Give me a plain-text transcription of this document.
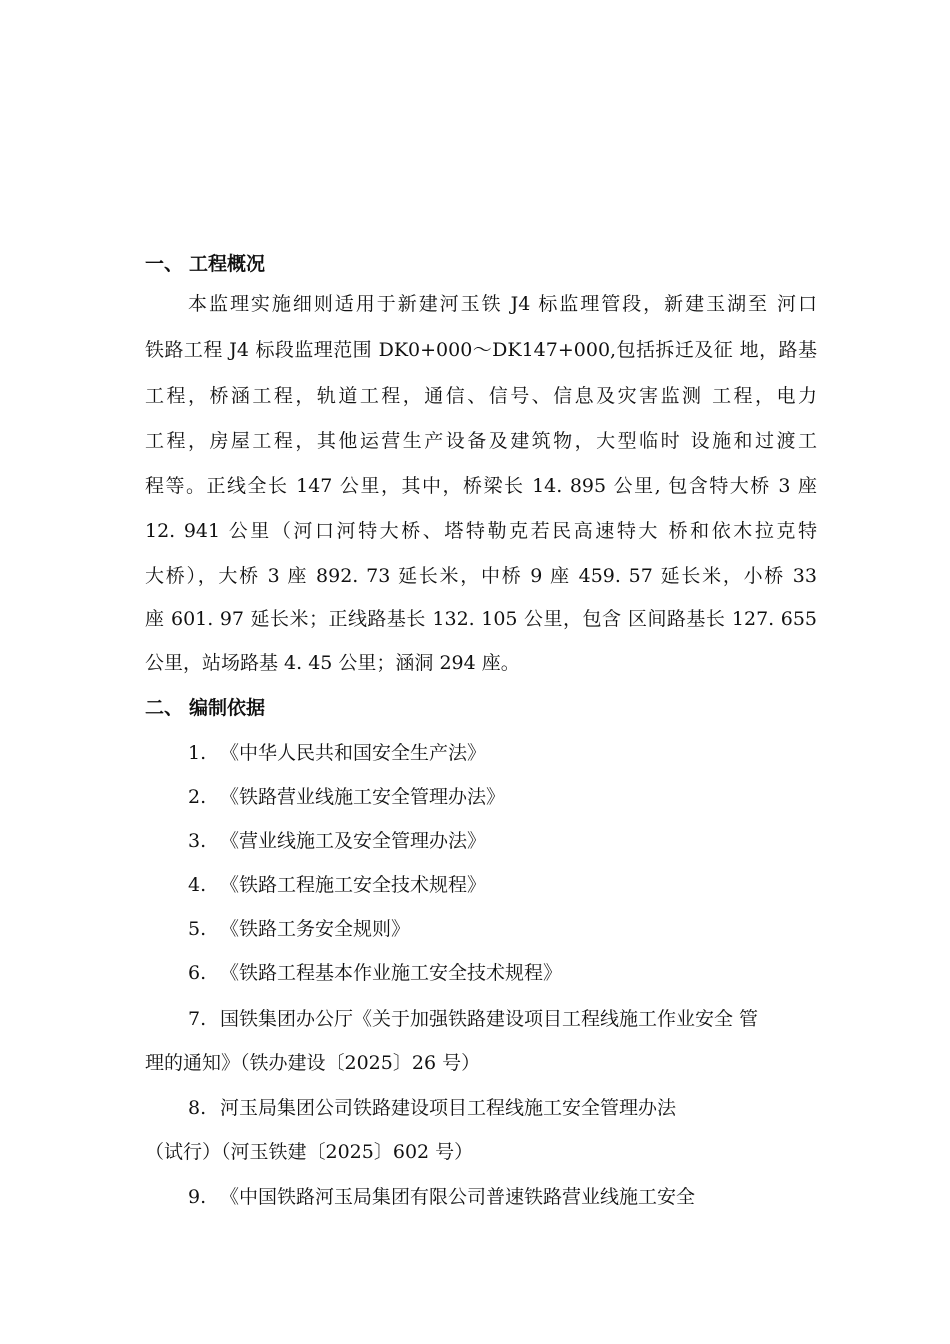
一、 工程概况
本监理实施细则适用于新建河玉铁 J4 标监理管段，新建玉湖至 河口
铁路工程 J4 标段监理范围 DK0+000〜DK147+000,包括拆迁及征 地，路基
工程，桥涵工程，轨道工程，通信、信号、信息及灾害监测 工程，电力
工程，房屋工程，其他运营生产设备及建筑物，大型临时 设施和过渡工
程等。正线全长 147 公里，其中，桥梁长 14. 895 公里, 包含特大桥 3 座
12. 941 公里（河口河特大桥、塔特勒克若民高速特大 桥和依木拉克特
大桥），大桥 3 座 892. 73 延长米，中桥 9 座 459. 57 延长米，小桥 33
座 601. 97 延长米；正线路基长 132. 105 公里，包含 区间路基长 127. 655
公里，站场路基 4. 45 公里；涵洞 294 座。
二、 编制依据
1. 《中华人民共和国安全生产法》
2. 《铁路营业线施工安全管理办法》
3. 《营业线施工及安全管理办法》
4. 《铁路工程施工安全技术规程》
5. 《铁路工务安全规则》
6. 《铁路工程基本作业施工安全技术规程》
7. 国铁集团办公厅《关于加强铁路建设项目工程线施工作业安全 管
理的通知》（铁办建设〔2025〕26 号）
8. 河玉局集团公司铁路建设项目工程线施工安全管理办法
（试行）（河玉铁建〔2025〕602 号）
9. 《中国铁路河玉局集团有限公司普速铁路营业线施工安全
